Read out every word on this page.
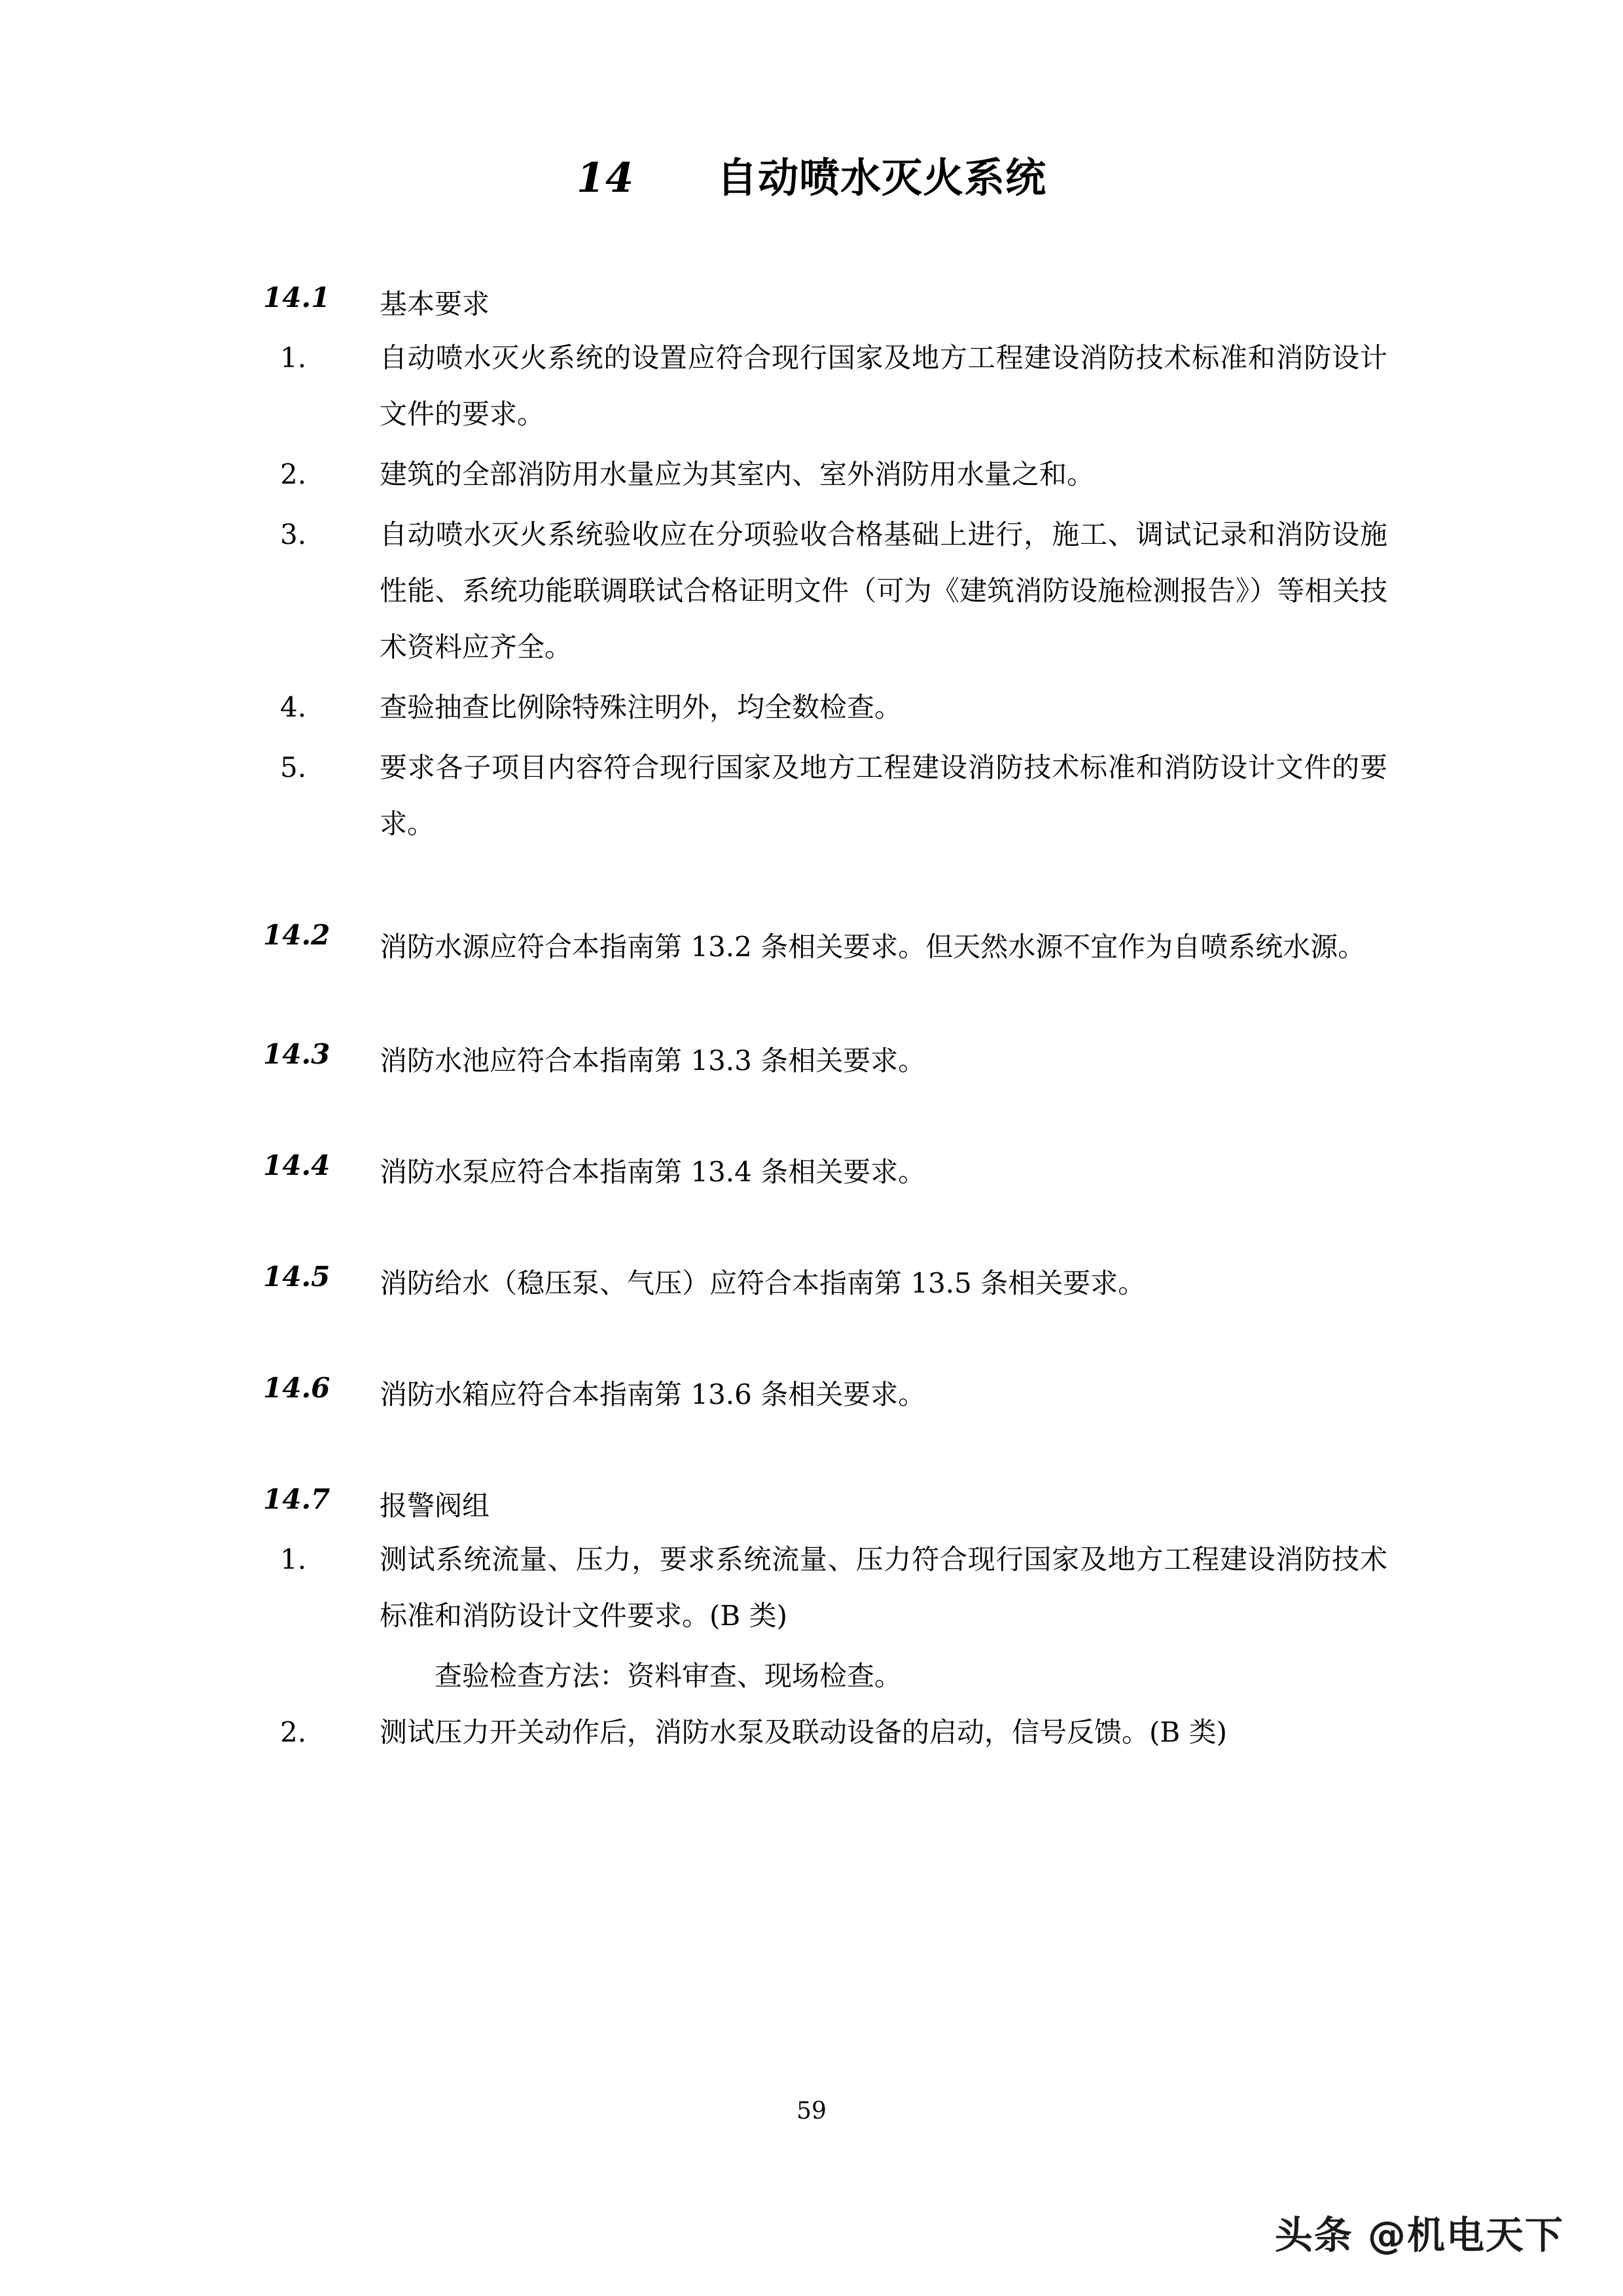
14　　 自动喷水灭火系统
14.1 基本要求
1.	自动喷水灭火系统的设置应符合现行国家及地方工程建设消防技术标准和消防设计文件的要求。
2.	建筑的全部消防用水量应为其室内、室外消防用水量之和。
3.	自动喷水灭火系统验收应在分项验收合格基础上进行，施工、调试记录和消防设施性能、系统功能联调联试合格证明文件（可为《建筑消防设施检测报告》）等相关技术资料应齐全。
4.	查验抽查比例除特殊注明外，均全数检查。
5.	要求各子项目内容符合现行国家及地方工程建设消防技术标准和消防设计文件的要求。
14.2 消防水源应符合本指南第 13.2 条相关要求。但天然水源不宜作为自喷系统水源。
14.3 消防水池应符合本指南第 13.3 条相关要求。
14.4 消防水泵应符合本指南第 13.4 条相关要求。
14.5 消防给水（稳压泵、气压）应符合本指南第 13.5 条相关要求。
14.6 消防水箱应符合本指南第 13.6 条相关要求。
14.7 报警阀组
1.	测试系统流量、压力，要求系统流量、压力符合现行国家及地方工程建设消防技术标准和消防设计文件要求。(B 类)
查验检查方法：资料审查、现场检查。
2.	测试压力开关动作后，消防水泵及联动设备的启动，信号反馈。(B 类)
59
头条 @机电天下
